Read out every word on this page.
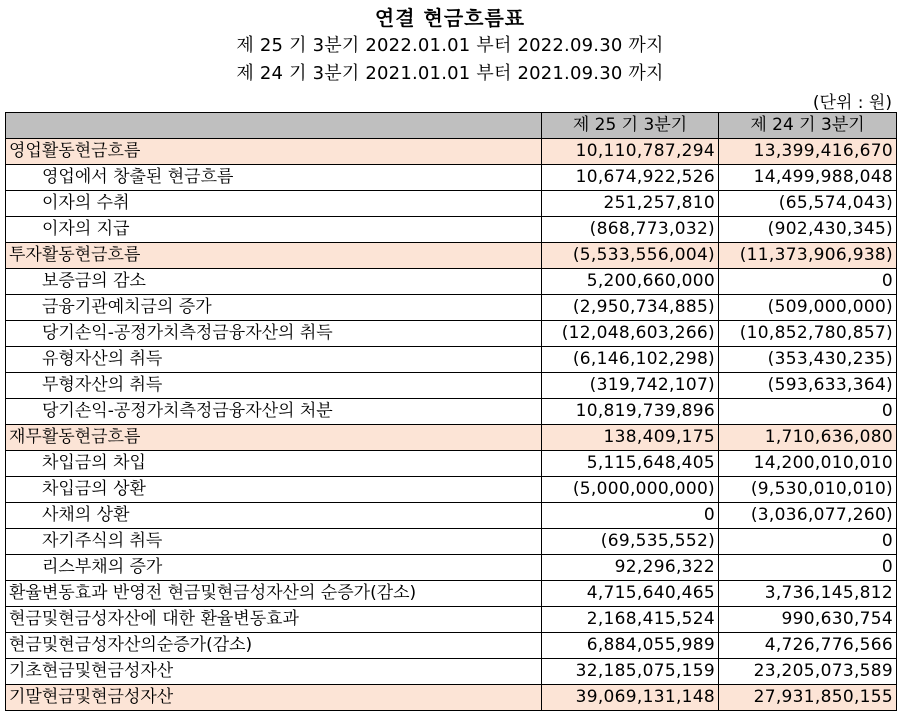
연결 현금흐름표
제 25 기 3분기 2022.01.01 부터 2022.09.30 까지
제 24 기 3분기 2021.01.01 부터 2021.09.30 까지
(단위 : 원)
	제 25 기 3분기	제 24 기 3분기
영업활동현금흐름	10,110,787,294	13,399,416,670
영업에서 창출된 현금흐름	10,674,922,526	14,499,988,048
이자의 수취	251,257,810	(65,574,043)
이자의 지급	(868,773,032)	(902,430,345)
투자활동현금흐름	(5,533,556,004)	(11,373,906,938)
보증금의 감소	5,200,660,000	0
금융기관예치금의 증가	(2,950,734,885)	(509,000,000)
당기손익-공정가치측정금융자산의 취득	(12,048,603,266)	(10,852,780,857)
유형자산의 취득	(6,146,102,298)	(353,430,235)
무형자산의 취득	(319,742,107)	(593,633,364)
당기손익-공정가치측정금융자산의 처분	10,819,739,896	0
재무활동현금흐름	138,409,175	1,710,636,080
차입금의 차입	5,115,648,405	14,200,010,010
차입금의 상환	(5,000,000,000)	(9,530,010,010)
사채의 상환	0	(3,036,077,260)
자기주식의 취득	(69,535,552)	0
리스부채의 증가	92,296,322	0
환율변동효과 반영전 현금및현금성자산의 순증가(감소)	4,715,640,465	3,736,145,812
현금및현금성자산에 대한 환율변동효과	2,168,415,524	990,630,754
현금및현금성자산의순증가(감소)	6,884,055,989	4,726,776,566
기초현금및현금성자산	32,185,075,159	23,205,073,589
기말현금및현금성자산	39,069,131,148	27,931,850,155
